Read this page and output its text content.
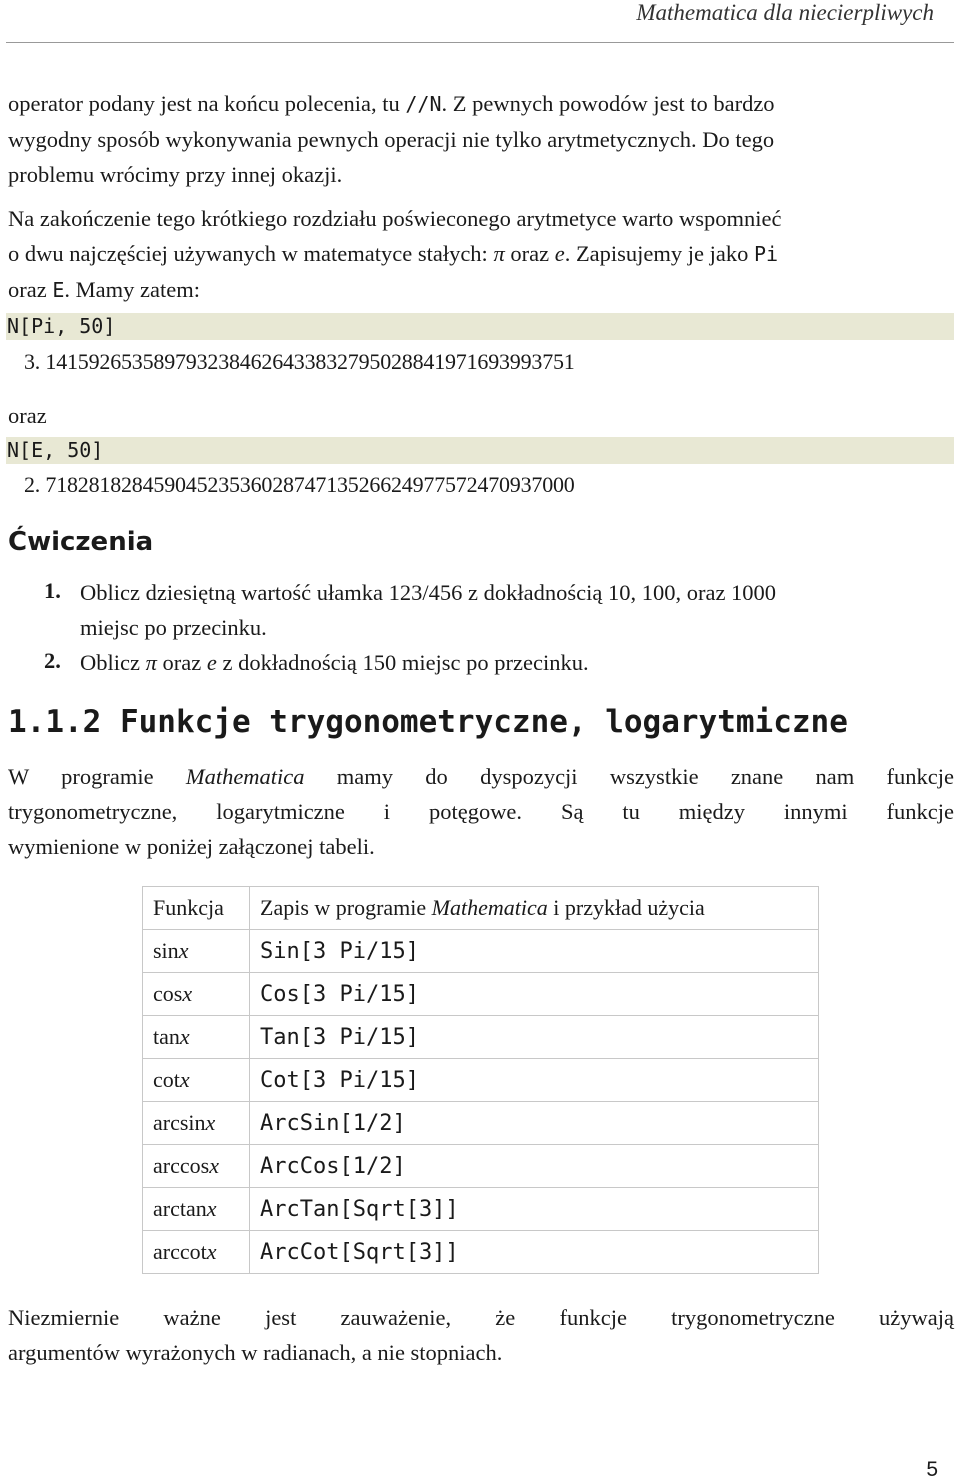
Mathematica dla niecierpliwych
operator podany jest na końcu polecenia, tu //N. Z pewnych powodów jest to bardzo
wygodny sposób wykonywania pewnych operacji nie tylko arytmetycznych. Do tego
problemu wrócimy przy innej okazji.
Na zakończenie tego krótkiego rozdziału poświeconego arytmetyce warto wspomnieć
o dwu najczęściej używanych w matematyce stałych: π oraz e. Zapisujemy je jako Pi
oraz E. Mamy zatem:
N[Pi, 50]
3. 1415926535897932384626433832795028841971693993751
oraz
N[E, 50]
2. 7182818284590452353602874713526624977572470937000
Ćwiczenia
1. Oblicz dziesiętną wartość ułamka 123/456 z dokładnością 10, 100, oraz 1000
miejsc po przecinku.
2. Oblicz π oraz e z dokładnością 150 miejsc po przecinku.
1.1.2 Funkcje trygonometryczne, logarytmiczne
W programie Mathematica mamy do dyspozycji wszystkie znane nam funkcje
trygonometryczne, logarytmiczne i potęgowe. Są tu między innymi funkcje
wymienione w poniżej załączonej tabeli.
Funkcja	Zapis w programie Mathematica i przykład użycia
sinx	Sin[3 Pi/15]
cosx	Cos[3 Pi/15]
tanx	Tan[3 Pi/15]
cotx	Cot[3 Pi/15]
arcsinx	ArcSin[1/2]
arccosx	ArcCos[1/2]
arctanx	ArcTan[Sqrt[3]]
arccotx	ArcCot[Sqrt[3]]
Niezmiernie ważne jest zauważenie, że funkcje trygonometryczne używają
argumentów wyrażonych w radianach, a nie stopniach.
5
